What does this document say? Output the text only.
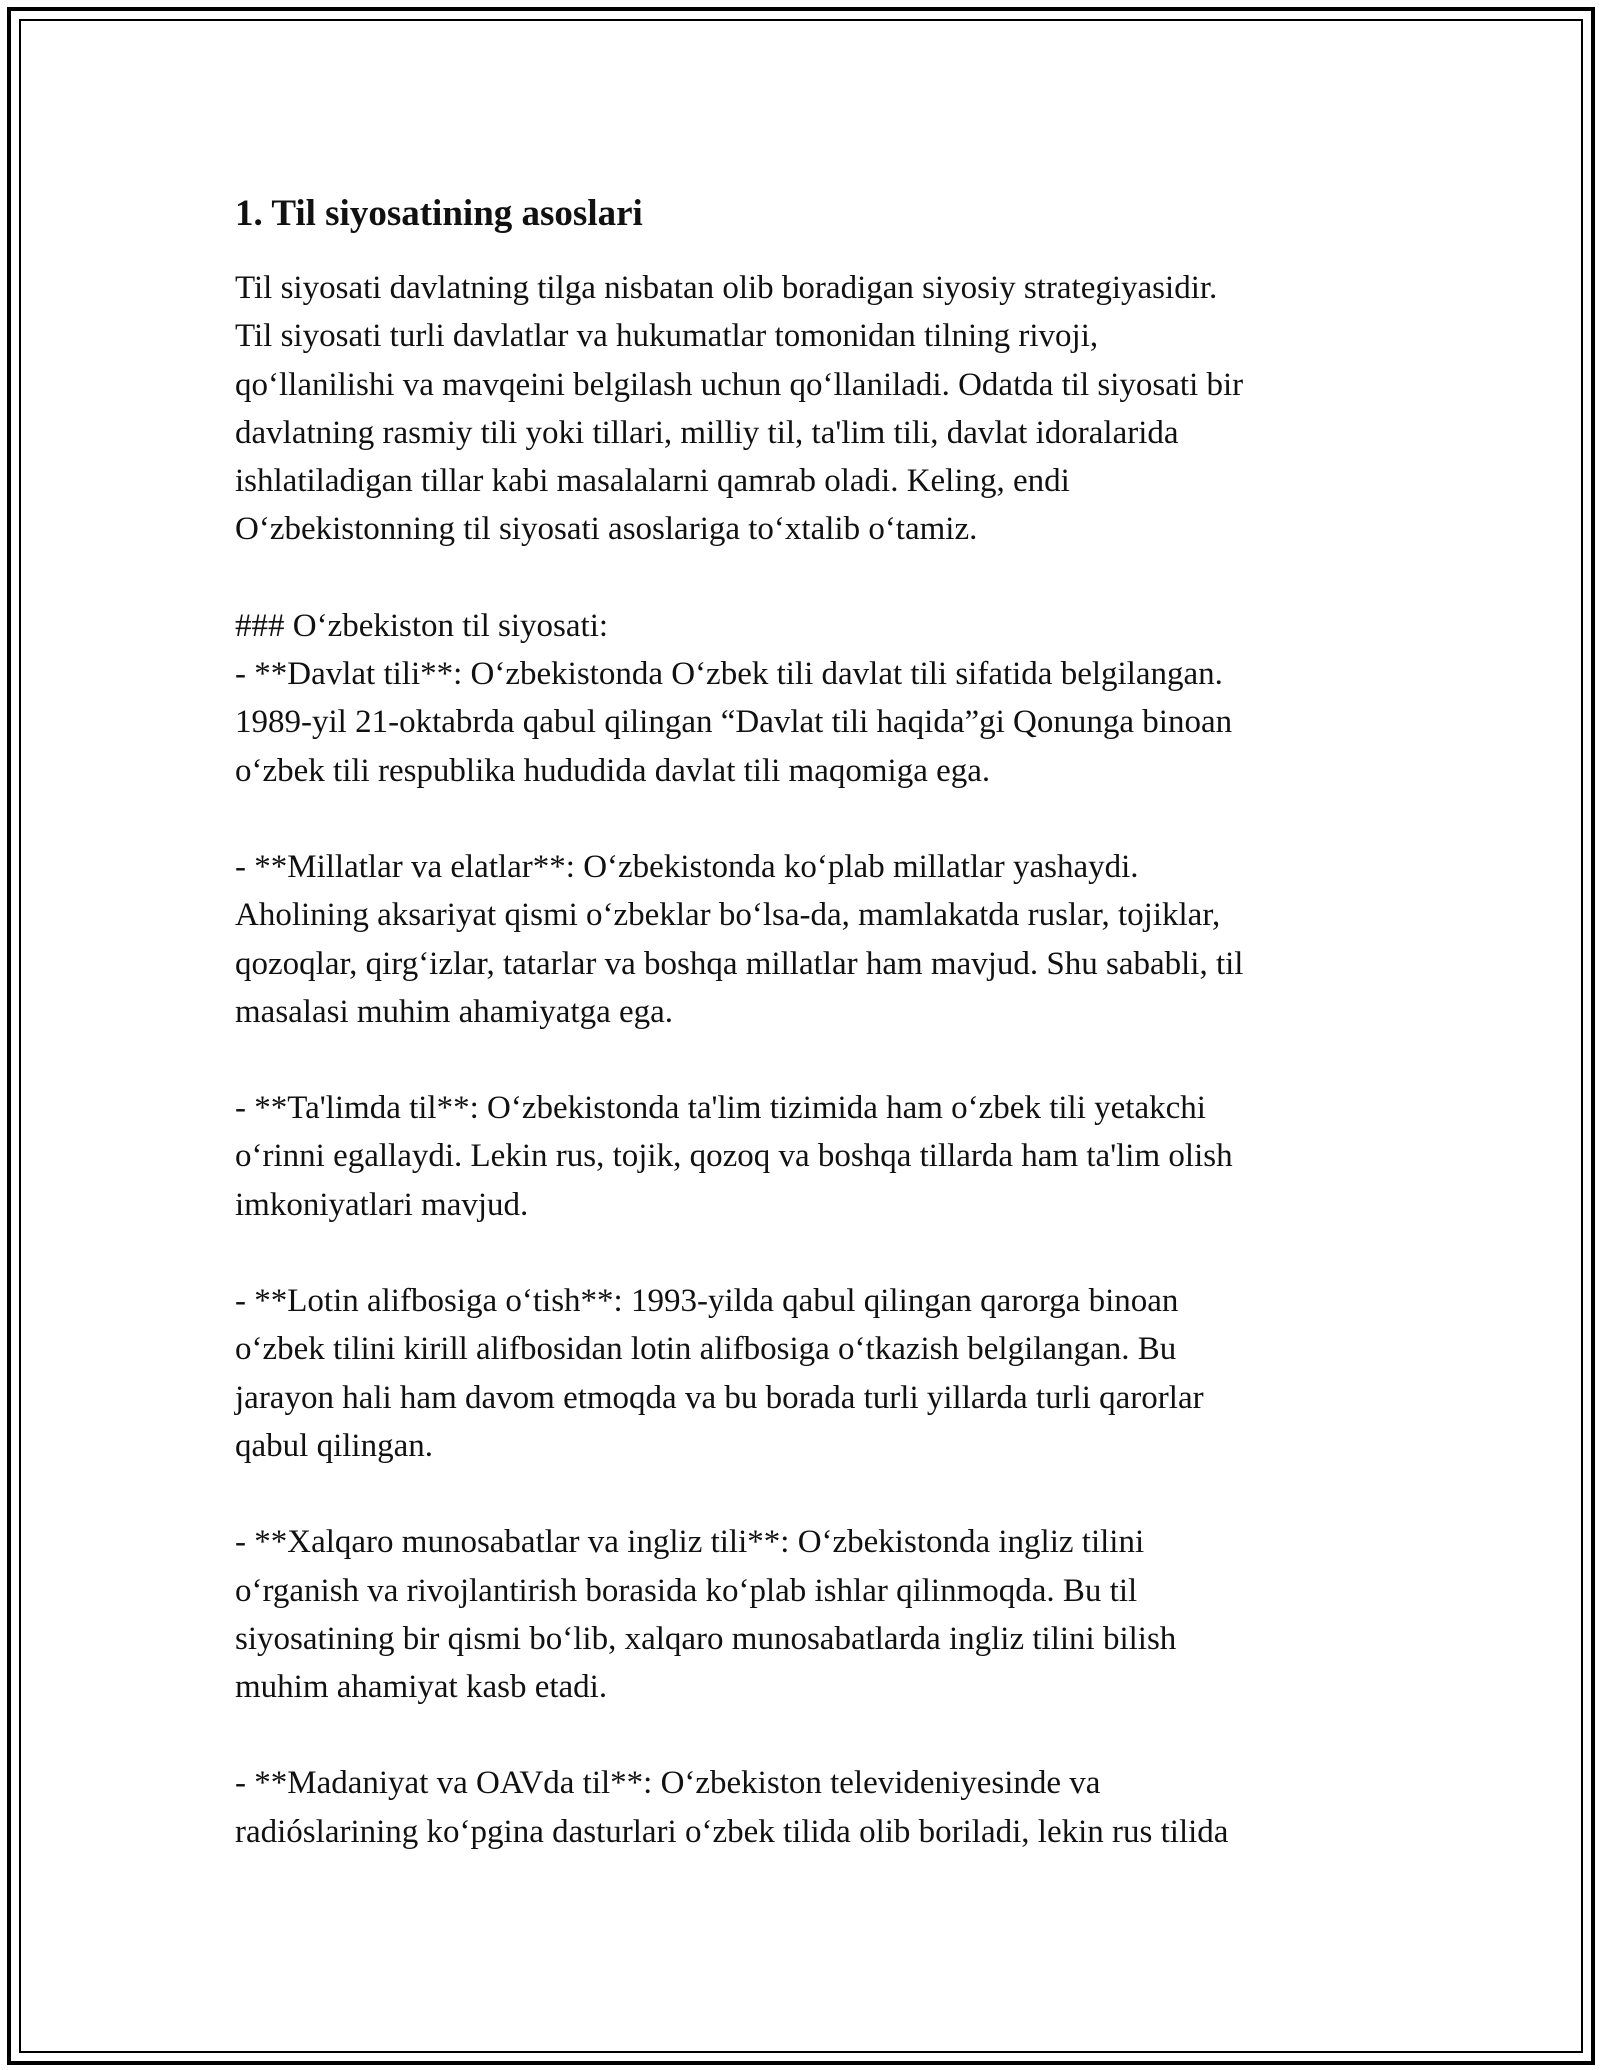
1. Til siyosatining asoslari

Til siyosati davlatning tilga nisbatan olib boradigan siyosiy strategiyasidir.
Til siyosati turli davlatlar va hukumatlar tomonidan tilning rivoji,
qo‘llanilishi va mavqeini belgilash uchun qo‘llaniladi. Odatda til siyosati bir
davlatning rasmiy tili yoki tillari, milliy til, ta'lim tili, davlat idoralarida
ishlatiladigan tillar kabi masalalarni qamrab oladi. Keling, endi
O‘zbekistonning til siyosati asoslariga to‘xtalib o‘tamiz.

### O‘zbekiston til siyosati:
- **Davlat tili**: O‘zbekistonda O‘zbek tili davlat tili sifatida belgilangan.
1989-yil 21-oktabrda qabul qilingan “Davlat tili haqida”gi Qonunga binoan
o‘zbek tili respublika hududida davlat tili maqomiga ega.

- **Millatlar va elatlar**: O‘zbekistonda ko‘plab millatlar yashaydi.
Aholining aksariyat qismi o‘zbeklar bo‘lsa-da, mamlakatda ruslar, tojiklar,
qozoqlar, qirg‘izlar, tatarlar va boshqa millatlar ham mavjud. Shu sababli, til
masalasi muhim ahamiyatga ega.

- **Ta'limda til**: O‘zbekistonda ta'lim tizimida ham o‘zbek tili yetakchi
o‘rinni egallaydi. Lekin rus, tojik, qozoq va boshqa tillarda ham ta'lim olish
imkoniyatlari mavjud.

- **Lotin alifbosiga o‘tish**: 1993-yilda qabul qilingan qarorga binoan
o‘zbek tilini kirill alifbosidan lotin alifbosiga o‘tkazish belgilangan. Bu
jarayon hali ham davom etmoqda va bu borada turli yillarda turli qarorlar
qabul qilingan.

- **Xalqaro munosabatlar va ingliz tili**: O‘zbekistonda ingliz tilini
o‘rganish va rivojlantirish borasida ko‘plab ishlar qilinmoqda. Bu til
siyosatining bir qismi bo‘lib, xalqaro munosabatlarda ingliz tilini bilish
muhim ahamiyat kasb etadi.

- **Madaniyat va OAVda til**: O‘zbekiston televideniyesinde va
radióslarining ko‘pgina dasturlari o‘zbek tilida olib boriladi, lekin rus tilida
